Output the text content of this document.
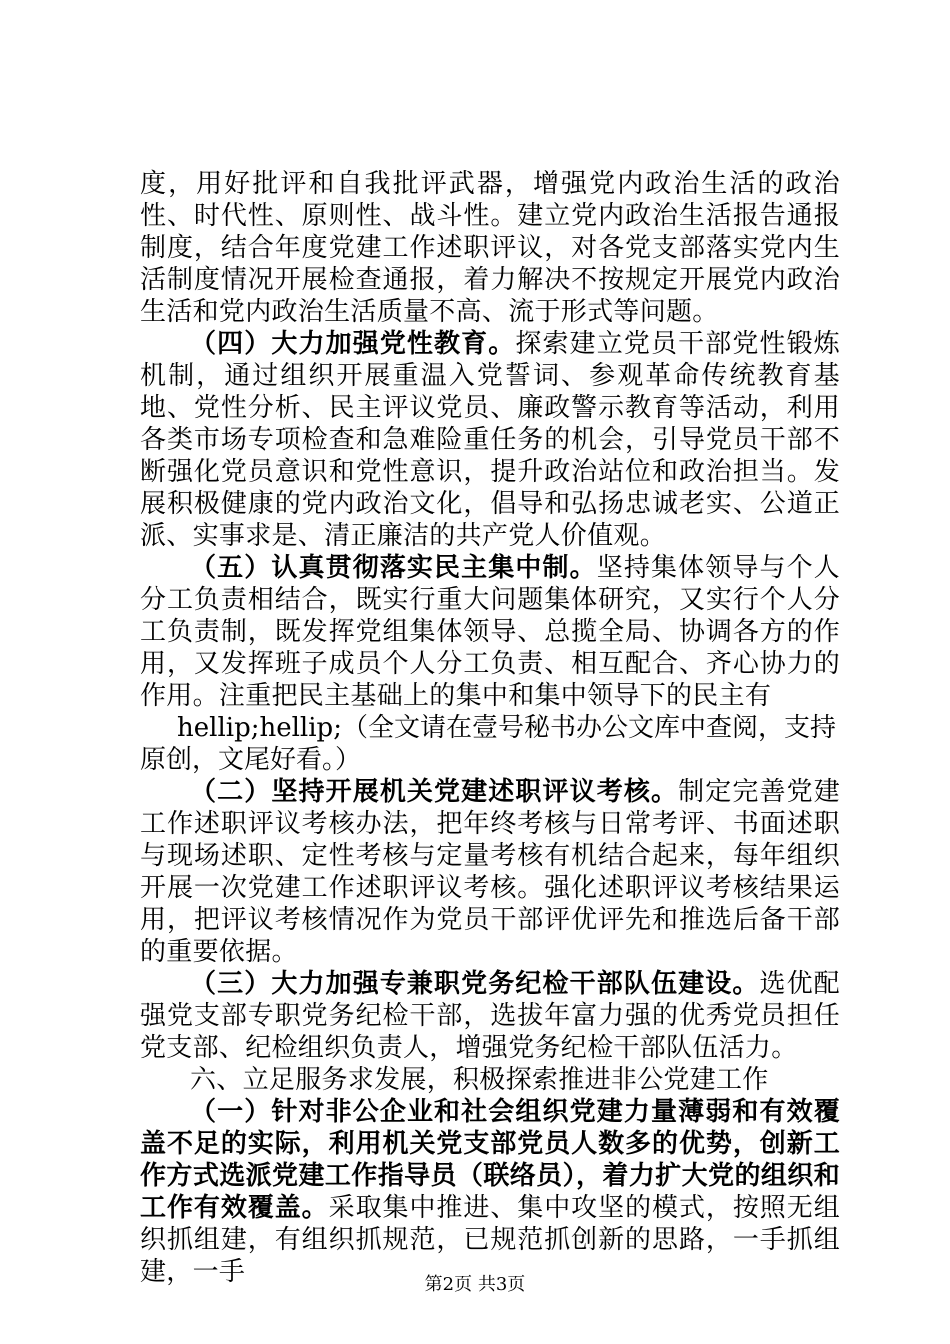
度，用好批评和自我批评武器，增强党内政治生活的政治性、时代性、原则性、战斗性。建立党内政治生活报告通报制度，结合年度党建工作述职评议，对各党支部落实党内生活制度情况开展检查通报，着力解决不按规定开展党内政治生活和党内政治生活质量不高、流于形式等问题。

（四）大力加强党性教育。探索建立党员干部党性锻炼机制，通过组织开展重温入党誓词、参观革命传统教育基地、党性分析、民主评议党员、廉政警示教育等活动，利用各类市场专项检查和急难险重任务的机会，引导党员干部不断强化党员意识和党性意识，提升政治站位和政治担当。发展积极健康的党内政治文化，倡导和弘扬忠诚老实、公道正派、实事求是、清正廉洁的共产党人价值观。

（五）认真贯彻落实民主集中制。坚持集体领导与个人分工负责相结合，既实行重大问题集体研究，又实行个人分工负责制，既发挥党组集体领导、总揽全局、协调各方的作用，又发挥班子成员个人分工负责、相互配合、齐心协力的作用。注重把民主基础上的集中和集中领导下的民主有

hellip;hellip;（全文请在壹号秘书办公文库中查阅，支持原创，文尾好看。）

（二）坚持开展机关党建述职评议考核。制定完善党建工作述职评议考核办法，把年终考核与日常考评、书面述职与现场述职、定性考核与定量考核有机结合起来，每年组织开展一次党建工作述职评议考核。强化述职评议考核结果运用，把评议考核情况作为党员干部评优评先和推选后备干部的重要依据。

（三）大力加强专兼职党务纪检干部队伍建设。选优配强党支部专职党务纪检干部，选拔年富力强的优秀党员担任党支部、纪检组织负责人，增强党务纪检干部队伍活力。

六、立足服务求发展，积极探索推进非公党建工作

（一）针对非公企业和社会组织党建力量薄弱和有效覆盖不足的实际，利用机关党支部党员人数多的优势，创新工作方式选派党建工作指导员（联络员），着力扩大党的组织和工作有效覆盖。采取集中推进、集中攻坚的模式，按照无组织抓组建，有组织抓规范，已规范抓创新的思路，一手抓组建，一手	第2页 共3页
